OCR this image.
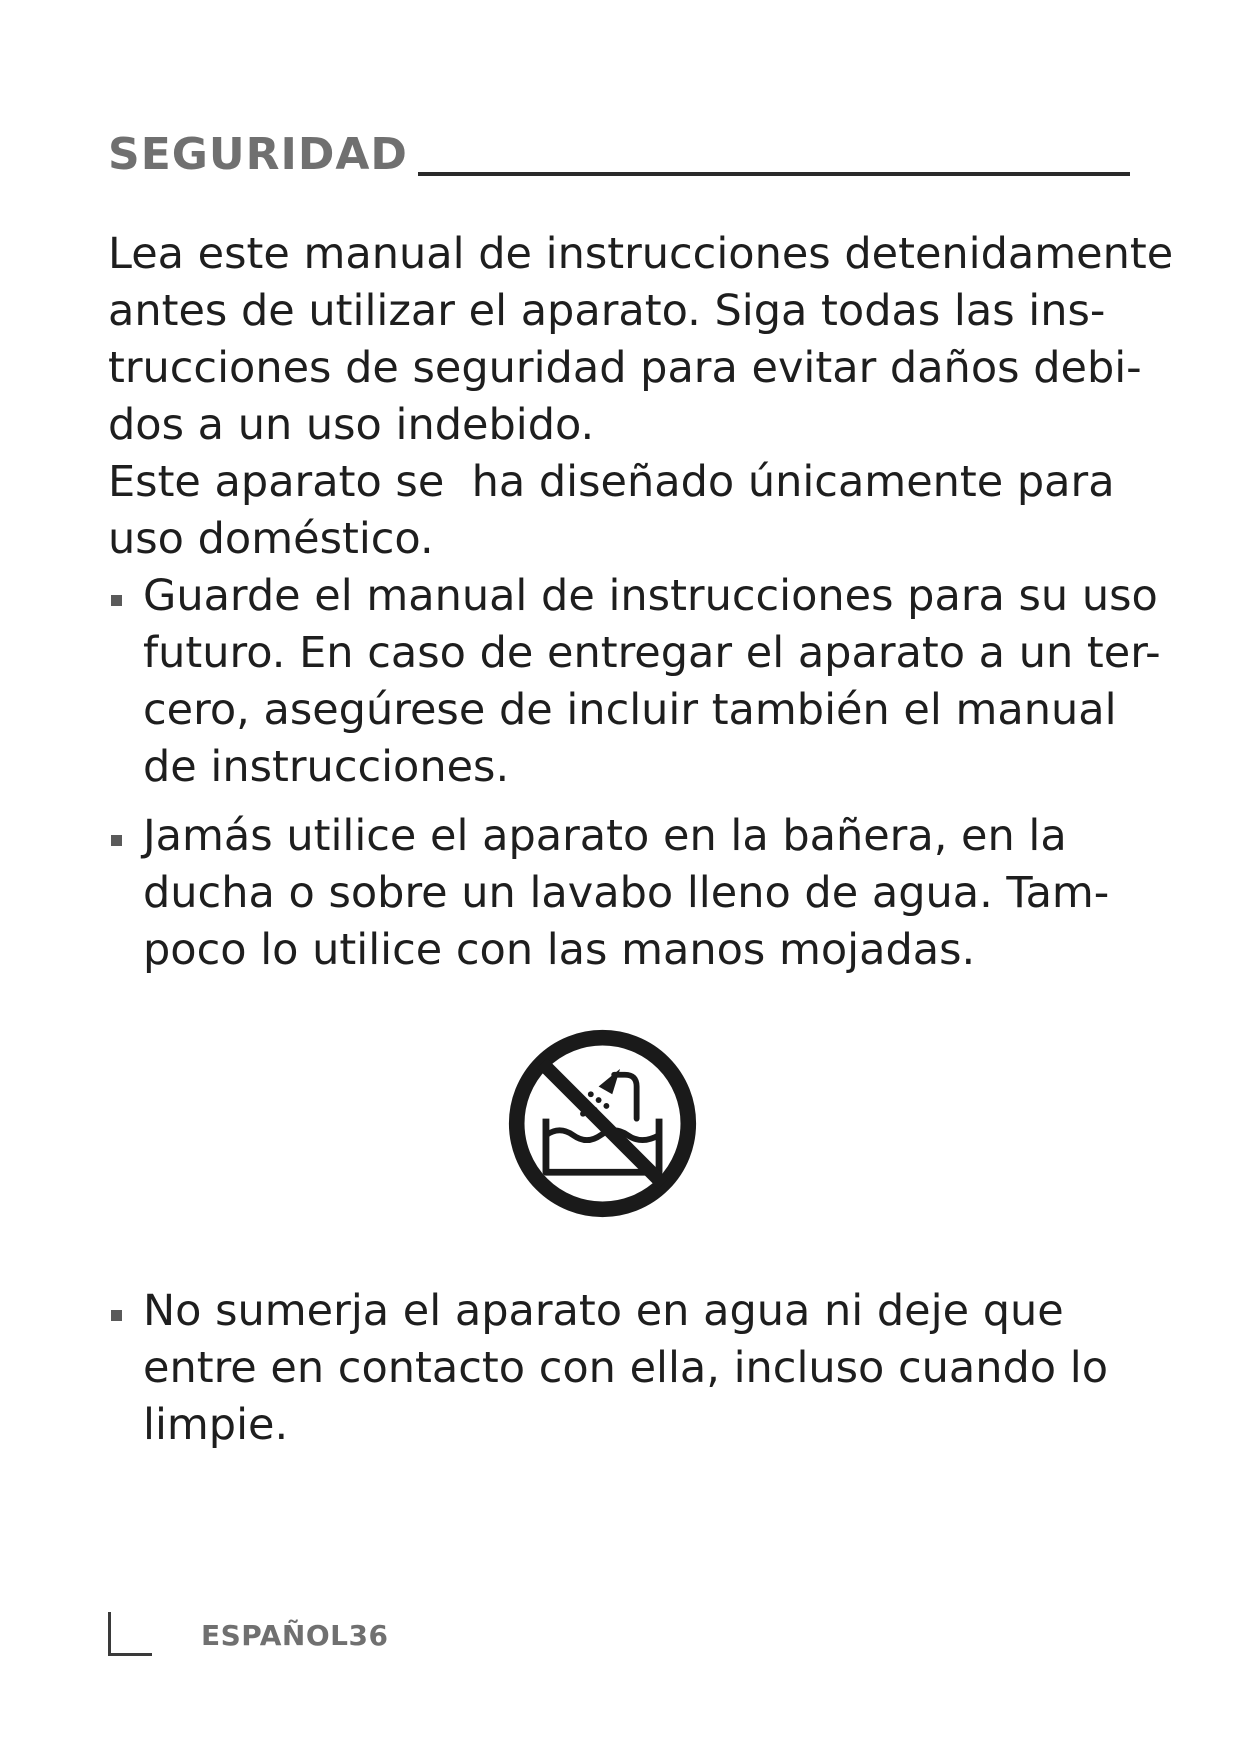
SEGURIDAD
Lea este manual de instrucciones detenidamente
antes de utilizar el aparato. Siga todas las ins-
trucciones de seguridad para evitar daños debi-
dos a un uso indebido.
Este aparato se  ha diseñado únicamente para
uso doméstico.
Guarde el manual de instrucciones para su uso
futuro. En caso de entregar el aparato a un ter-
cero, asegúrese de incluir también el manual
de instrucciones.
Jamás utilice el aparato en la bañera, en la
ducha o sobre un lavabo lleno de agua. Tam-
poco lo utilice con las manos mojadas.
No sumerja el aparato en agua ni deje que
entre en contacto con ella, incluso cuando lo
limpie.
ESPAÑOL36
